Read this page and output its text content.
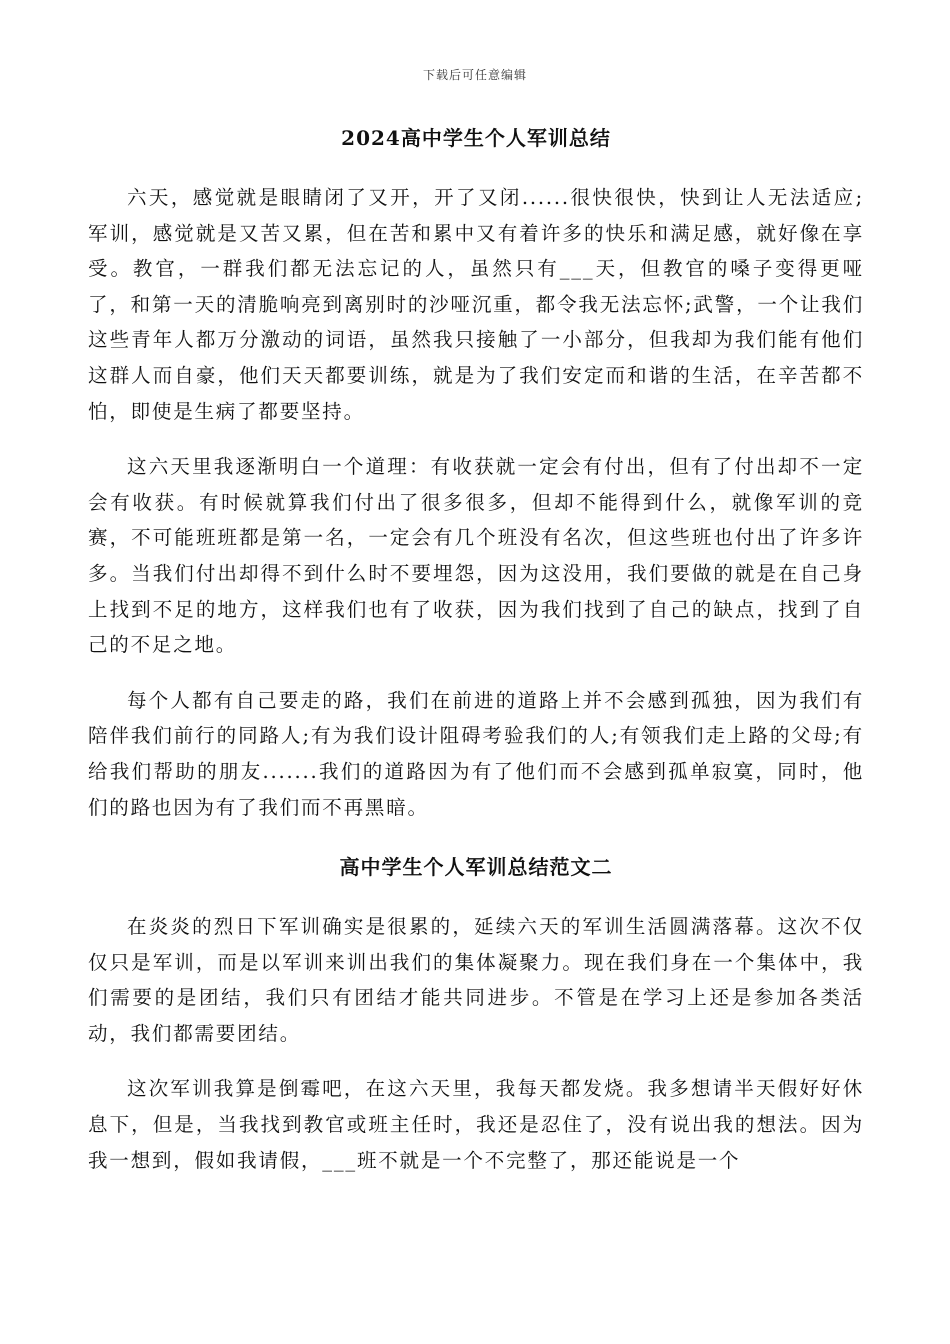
下载后可任意编辑
2024高中学生个人军训总结

六天，感觉就是眼睛闭了又开，开了又闭......很快很快，快到让人无法适应;军训，感觉就是又苦又累，但在苦和累中又有着许多的快乐和满足感，就好像在享受。教官，一群我们都无法忘记的人，虽然只有___天，但教官的嗓子变得更哑了，和第一天的清脆响亮到离别时的沙哑沉重，都令我无法忘怀;武警，一个让我们这些青年人都万分激动的词语，虽然我只接触了一小部分，但我却为我们能有他们这群人而自豪，他们天天都要训练，就是为了我们安定而和谐的生活，在辛苦都不怕，即使是生病了都要坚持。

这六天里我逐渐明白一个道理：有收获就一定会有付出，但有了付出却不一定会有收获。有时候就算我们付出了很多很多，但却不能得到什么，就像军训的竞赛，不可能班班都是第一名，一定会有几个班没有名次，但这些班也付出了许多许多。当我们付出却得不到什么时不要埋怨，因为这没用，我们要做的就是在自己身上找到不足的地方，这样我们也有了收获，因为我们找到了自己的缺点，找到了自己的不足之地。

每个人都有自己要走的路，我们在前进的道路上并不会感到孤独，因为我们有陪伴我们前行的同路人;有为我们设计阻碍考验我们的人;有领我们走上路的父母;有给我们帮助的朋友.......我们的道路因为有了他们而不会感到孤单寂寞，同时，他们的路也因为有了我们而不再黑暗。

高中学生个人军训总结范文二

在炎炎的烈日下军训确实是很累的，延续六天的军训生活圆满落幕。这次不仅仅只是军训，而是以军训来训出我们的集体凝聚力。现在我们身在一个集体中，我们需要的是团结，我们只有团结才能共同进步。不管是在学习上还是参加各类活动，我们都需要团结。

这次军训我算是倒霉吧，在这六天里，我每天都发烧。我多想请半天假好好休息下，但是，当我找到教官或班主任时，我还是忍住了，没有说出我的想法。因为我一想到，假如我请假，___班不就是一个不完整了，那还能说是一个
